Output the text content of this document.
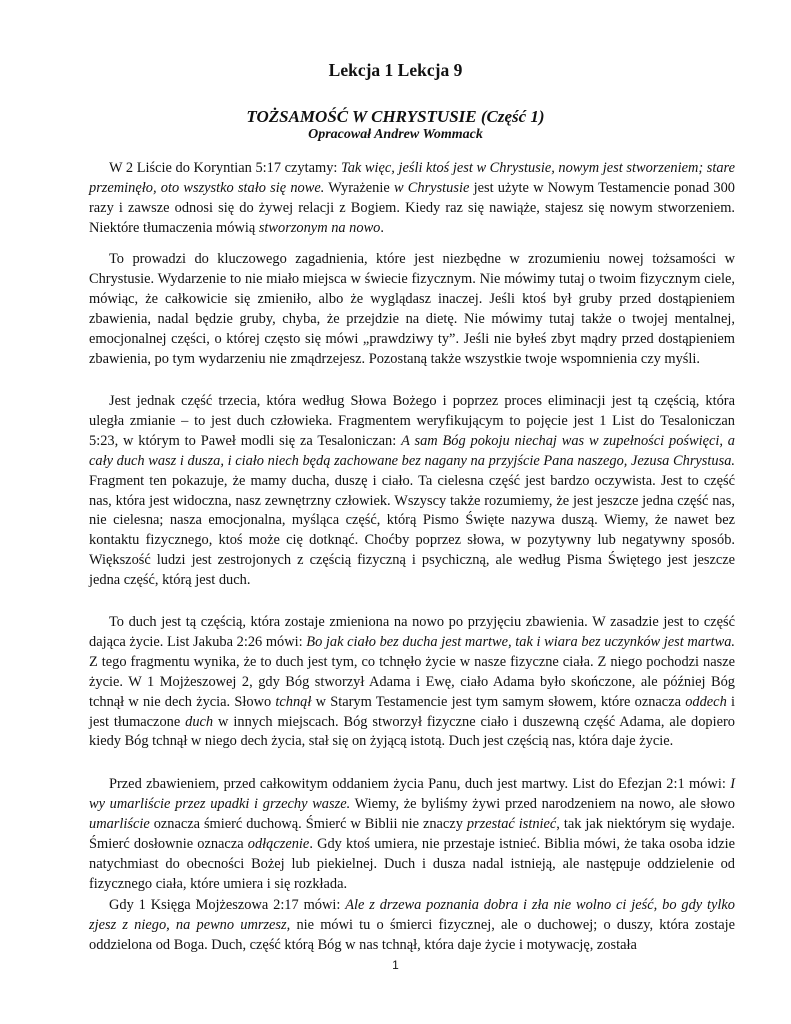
Lekcja 1 Lekcja 9
TOŻSAMOŚĆ W CHRYSTUSIE (Część 1)
Opracował Andrew Wommack
W 2 Liście do Koryntian 5:17 czytamy: Tak więc, jeśli ktoś jest w Chrystusie, nowym jest stworzeniem; stare przeminęło, oto wszystko stało się nowe. Wyrażenie w Chrystusie jest użyte w Nowym Testamencie ponad 300 razy i zawsze odnosi się do żywej relacji z Bogiem. Kiedy raz się nawiąże, stajesz się nowym stworzeniem. Niektóre tłumaczenia mówią stworzonym na nowo.
To prowadzi do kluczowego zagadnienia, które jest niezbędne w zrozumieniu nowej tożsamości w Chrystusie. Wydarzenie to nie miało miejsca w świecie fizycznym. Nie mówimy tutaj o twoim fizycznym ciele, mówiąc, że całkowicie się zmieniło, albo że wyglądasz inaczej. Jeśli ktoś był gruby przed dostąpieniem zbawienia, nadal będzie gruby, chyba, że przejdzie na dietę. Nie mówimy tutaj także o twojej mentalnej, emocjonalnej części, o której często się mówi „prawdziwy ty”. Jeśli nie byłeś zbyt mądry przed dostąpieniem zbawienia, po tym wydarzeniu nie zmądrzejesz. Pozostaną także wszystkie twoje wspomnienia czy myśli.
Jest jednak część trzecia, która według Słowa Bożego i poprzez proces eliminacji jest tą częścią, która uległa zmianie – to jest duch człowieka. Fragmentem weryfikującym to pojęcie jest 1 List do Tesaloniczan 5:23, w którym to Paweł modli się za Tesaloniczan: A sam Bóg pokoju niechaj was w zupełności poświęci, a cały duch wasz i dusza, i ciało niech będą zachowane bez nagany na przyjście Pana naszego, Jezusa Chrystusa. Fragment ten pokazuje, że mamy ducha, duszę i ciało. Ta cielesna część jest bardzo oczywista. Jest to część nas, która jest widoczna, nasz zewnętrzny człowiek. Wszyscy także rozumiemy, że jest jeszcze jedna część nas, nie cielesna; nasza emocjonalna, myśląca część, którą Pismo Święte nazywa duszą. Wiemy, że nawet bez kontaktu fizycznego, ktoś może cię dotknąć. Choćby poprzez słowa, w pozytywny lub negatywny sposób. Większość ludzi jest zestrojonych z częścią fizyczną i psychiczną, ale według Pisma Świętego jest jeszcze jedna część, którą jest duch.
To duch jest tą częścią, która zostaje zmieniona na nowo po przyjęciu zbawienia. W zasadzie jest to część dająca życie. List Jakuba 2:26 mówi: Bo jak ciało bez ducha jest martwe, tak i wiara bez uczynków jest martwa. Z tego fragmentu wynika, że to duch jest tym, co tchnęło życie w nasze fizyczne ciała. Z niego pochodzi nasze życie. W 1 Mojżeszowej 2, gdy Bóg stworzył Adama i Ewę, ciało Adama było skończone, ale później Bóg tchnął w nie dech życia. Słowo tchnął w Starym Testamencie jest tym samym słowem, które oznacza oddech i jest tłumaczone duch w innych miejscach. Bóg stworzył fizyczne ciało i duszewną część Adama, ale dopiero kiedy Bóg tchnął w niego dech życia, stał się on żyjącą istotą. Duch jest częścią nas, która daje życie.
Przed zbawieniem, przed całkowitym oddaniem życia Panu, duch jest martwy. List do Efezjan 2:1 mówi: I wy umarliście przez upadki i grzechy wasze. Wiemy, że byliśmy żywi przed narodzeniem na nowo, ale słowo umarliście oznacza śmierć duchową. Śmierć w Biblii nie znaczy przestać istnieć, tak jak niektórym się wydaje. Śmierć dosłownie oznacza odłączenie. Gdy ktoś umiera, nie przestaje istnieć. Biblia mówi, że taka osoba idzie natychmiast do obecności Bożej lub piekielnej. Duch i dusza nadal istnieją, ale następuje oddzielenie od fizycznego ciała, które umiera i się rozkłada.
Gdy 1 Księga Mojżeszowa 2:17 mówi: Ale z drzewa poznania dobra i zła nie wolno ci jeść, bo gdy tylko zjesz z niego, na pewno umrzesz, nie mówi tu o śmierci fizycznej, ale o duchowej; o duszy, która zostaje oddzielona od Boga. Duch, część którą Bóg w nas tchnął, która daje życie i motywację, została
1
